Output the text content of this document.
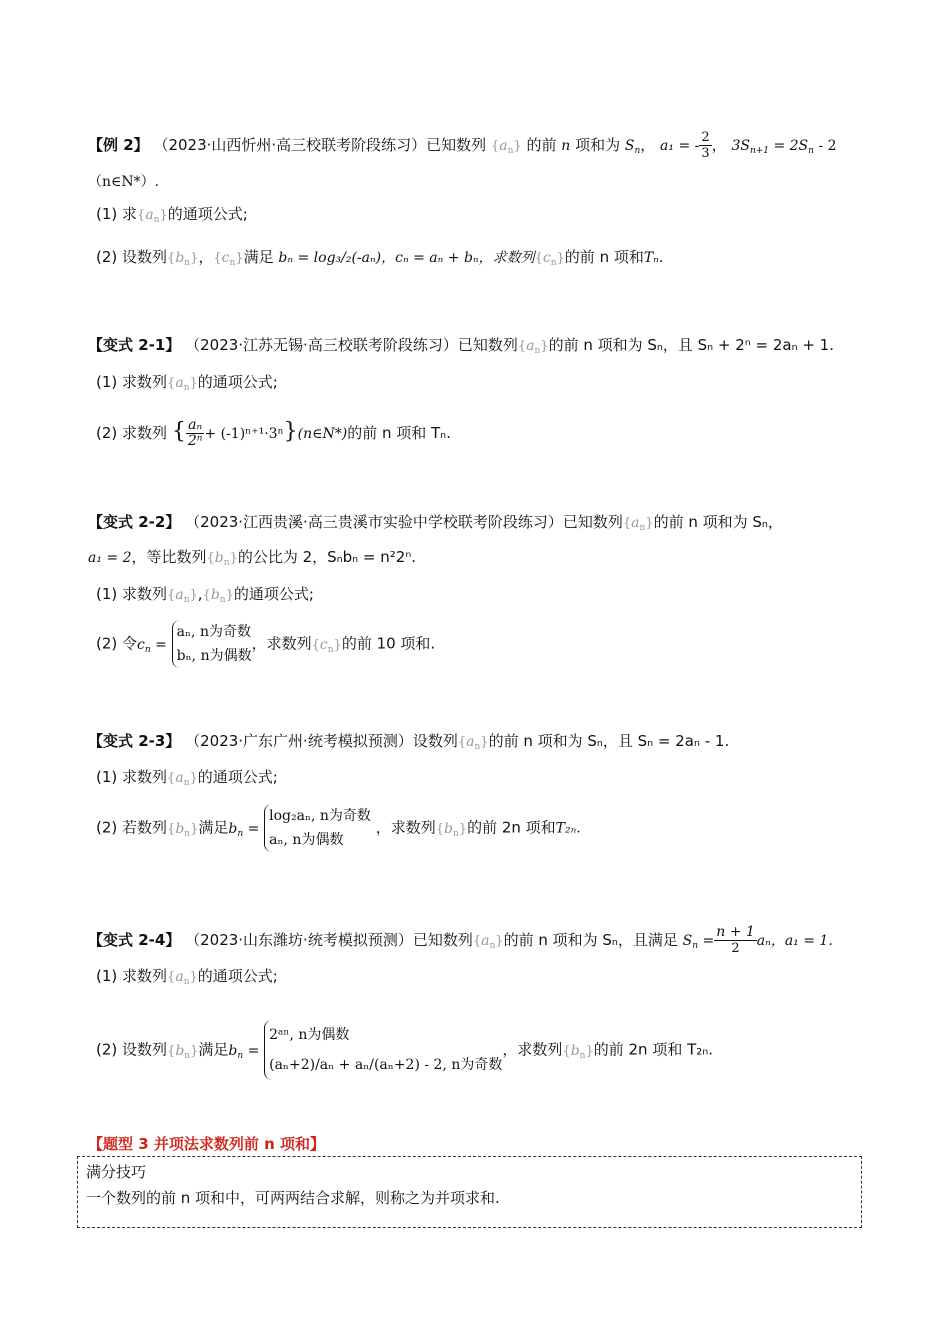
【例 2】 （2023·山西忻州·高三校联考阶段练习）已知数列 $\{a_n\}$ 的前 n 项和为 $S_n$， a₁ = - $\frac{2}{3}$ ， $3S_{n+1} = 2S_n - 2$
（n∈N*）.
(1) 求$\{a_n\}$的通项公式;
(2) 设数列$\{b_n\}$，$\{c_n\}$满足 bₙ = log₃/₂(-aₙ)，cₙ = aₙ + bₙ，求数列$\{c_n\}$的前 n 项和Tₙ.
【变式 2-1】 （2023·江苏无锡·高三校联考阶段练习）已知数列$\{a_n\}$的前 n 项和为 Sₙ，且 Sₙ + 2ⁿ = 2aₙ + 1.
(1) 求数列$\{a_n\}$的通项公式;
(2) 求数列 { $\frac{\text{aₙ}}{\text{2ⁿ}}$ + (-1)ⁿ⁺¹·3ⁿ}(n∈N*)的前 n 项和 Tₙ.
【变式 2-2】 （2023·江西贵溪·高三贵溪市实验中学校联考阶段练习）已知数列$\{a_n\}$的前 n 项和为 Sₙ，
a₁ = 2，等比数列$\{b_n\}$的公比为 2，Sₙbₙ = n²2ⁿ.
(1) 求数列$\{a_n\},\{b_n\}$的通项公式;
(2) 令$c_n = a_n$, n为奇数
bₙ, n为偶数，求数列$\{c_n\}$的前 10 项和.
【变式 2-3】 （2023·广东广州·统考模拟预测）设数列$\{a_n\}$的前 n 项和为 Sₙ，且 Sₙ = 2aₙ - 1.
(1) 求数列$\{a_n\}$的通项公式;
(2) 若数列$\{b_n\}$满足$b_n = \log_2a_n$, n为奇数
aₙ, n为偶数 ，求数列$\{b_n\}$的前 2n 项和T₂ₙ.
【变式 2-4】 （2023·山东潍坊·统考模拟预测）已知数列$\{a_n\}$的前 n 项和为 Sₙ，且满足 $S_n = \frac{n + 1}{2}$ aₙ，a₁ = 1.
(1) 求数列$\{a_n\}$的通项公式;
(2) 设数列$\{b_n\}$满足$b_n$ = 2ᵃⁿ, n为偶数
(aₙ+2)/aₙ + aₙ/(aₙ+2) - 2, n为奇数，求数列$\{b_n\}$的前 2n 项和 T₂ₙ.
【题型 3 并项法求数列前 n 项和】
满分技巧
一个数列的前 n 项和中，可两两结合求解，则称之为并项求和.
